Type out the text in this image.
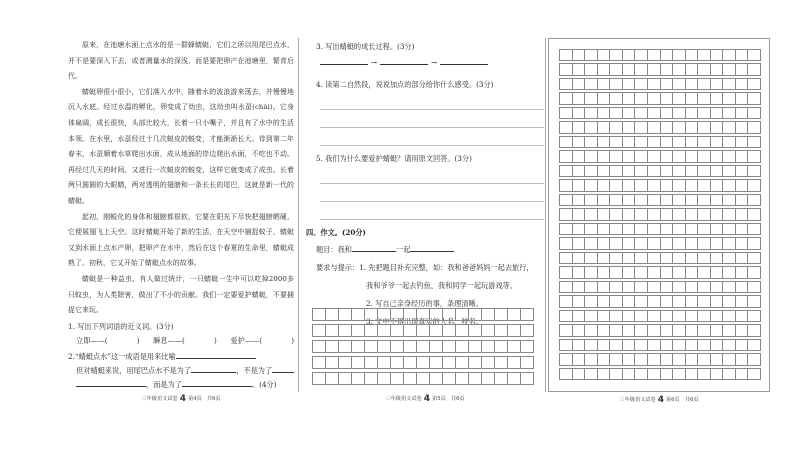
原来，在池塘水面上点水的是一群蜂蜻蜓，它们之所以用尾巴点水，并不是要深入下去，或者测量水的深浅，而是要把卵产在池塘里，繁育后代。

蜻蜓卵很小很小，它们落入水中，随着水的波浪游来荡去，并慢慢地沉入水底。经过水温的孵化，卵变成了幼虫，这幼虫叫水虿(chài)。它身体扁阔，成长很快，头部比较大，长着一只小嘴子，并且有了水中的生活本领。在水里，水虿经过十几次蜕皮的蜕变，才能渐渐长大。待到第二年春末，水虿顺着水草爬出水面，成从地面的岸边爬出水面，不吃也不动。再经过几天的时间，又进行一次蜕皮的蜕变，这样它就变成了成虫。长着两只圆圆的大眼睛，两对透明的翅膀和一条长长的尾巴，这就是新一代的蜻蜓。

起初，刚蜕化的身体和翅膀都很软，它要在阳光下尽快把翅膀晒硬，它便展翅飞上天空。这时蜻蜓开始了新的生活，在天空中捕捉蚊子，蜻蜓又到水面上点水产卵，把卵产在水中，然后在这个春夏的生命里，蜻蜓成熟了。初秋，它又开始了蜻蜓点水的故事。

蜻蜓是一种益虫，有人做过统计，一只蜻蜓一生中可以吃掉2000多只蚊虫，为人类除害，做出了不小的贡献。我们一定要爱护蜻蜓，不要捕捉它来玩。

1. 写出下列词语的近义词。(3分)
立即——(	) 瞬息——(	) 爱护——(	)
2.“蜻蜓点水”这一成语是用来比喻
但对蜻蜓来说，用尾巴点水不是为了	，不是为了
，而是为了	。(4分)
三年级语文试卷 4 第4页　共6页
3. 写出蜻蜓的成长过程。(3分)
→	→
4. 读第二自然段，说说加点的部分给你什么感受。(3分)
5. 我们为什么要爱护蜻蜓？请用原文回答。(3分)
四、作文。(20分)
题目：我和	一起
要求与提示： 1. 先把题目补充完整，如：我和爸爸妈妈一起去旅行，
我和爷爷一起去钓鱼，我和同学一起玩游戏等。
2. 写自己亲身经历的事，条理清晰。
3. 文中不得出现真实的人名、校名。
三年级语文试卷 4 第5页　共6页	三年级语文试卷 4 第6页　共6页
